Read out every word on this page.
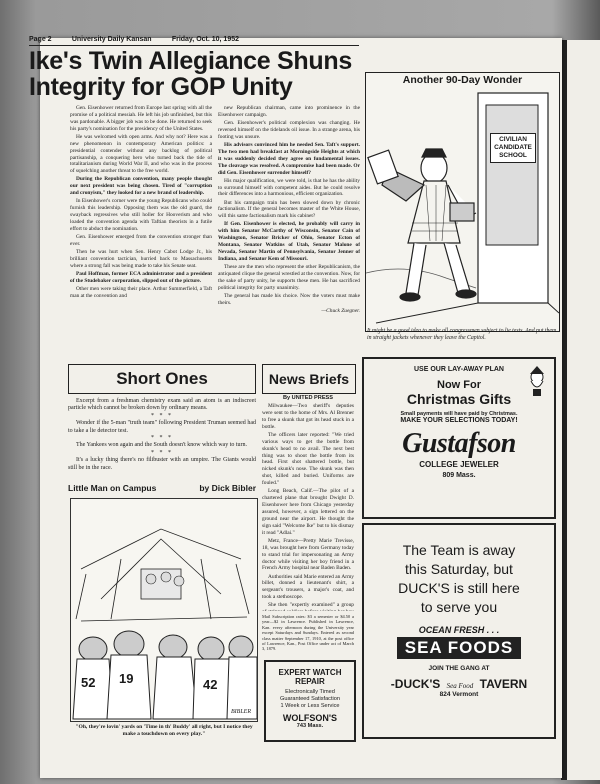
Page 2	University Daily Kansan	Friday, Oct. 10, 1952
Ike's Twin Allegiance Shuns Integrity for GOP Unity

Gen. Eisenhower returned from Europe last spring with all the promise of a political messiah. He left his job unfinished, but this was pardonable. A bigger job was to be done. He returned to seek his party's nomination for the presidency of the United States.

He was welcomed with open arms. And why not? Here was a new phenomenon in contemporary American politics: a presidential contender without any backlog of political partisanship, a conquering hero who turned back the tide of totalitarianism during World War II, and who was in the process of squelching another threat to the free world.

During the Republican convention, many people thought our next president was being chosen. Tired of "corruption and cronyism," they looked for a new brand of leadership.

In Eisenhower's corner were the young Republicans who could furnish this leadership. Opposing them was the old guard, the swayback regressives who still holler for Hooverism and who loaded the convention agenda with Taftian theorists in a futile effort to abduct the nomination.

Gen. Eisenhower emerged from the convention stronger than ever.

Then he was hurt when Sen. Henry Cabot Lodge Jr., his brilliant convention tactician, hurried back to Massachusetts where a strong fall was being made to take his Senate seat.

Paul Hoffman, former ECA administrator and a president of the Studebaker corporation, slipped out of the picture.

Other men were taking their place. Arthur Summerfield, a Taft man at the convention and

new Republican chairman, came into prominence in the Eisenhower campaign.

Gen. Eisenhower's political complexion was changing. He reversed himself on the tidelands oil issue. In a strange arena, his footing was unsure.

His advisors convinced him he needed Sen. Taft's support. The two men had breakfast at Morningside Heights at which it was suddenly decided they agree on fundamental issues. The cleavage was resolved. A compromise had been made. Or did Gen. Eisenhower surrender himself?

His major qualification, we were told, is that he has the ability to surround himself with competent aides. But he could resolve their differences into a harmonious, efficient organization.

But his campaign train has been slowed down by chronic factionalism. If the general becomes master of the White House, will this same factionalism mark his cabinet?

If Gen. Eisenhower is elected, he probably will carry in with him Senator McCarthy of Wisconsin, Senator Cain of Washington, Senator Bricker of Ohio, Senator Ecton of Montana, Senator Watkins of Utah, Senator Malone of Nevada, Senator Martin of Pennsylvania, Senator Jenner of Indiana, and Senator Kem of Missouri.

These are the men who represent the other Republicanism, the antiquated clique the general wrestled at the convention. Now, for the sake of party unity, he supports these men. He has sacrificed political integrity for party unanimity.

The general has made his choice. Now the voters must make theirs.

—Chuck Zuegner.
CIVILIAN
CANDIDATE
SCHOOL
Another 90-Day Wonder
It might be a good idea to make all congressmen subject to lie tests. And put them in straight jackets whenever they leave the Capitol.
Short Ones
Excerpt from a freshman chemistry exam said an atom is an indiscreet particle which cannot be broken down by ordinary means.
* * *
Wonder if the 5-man "truth team" following President Truman seemed had to take a lie detector test.
* * *
The Yankees won again and the South doesn't know which way to turn.
* * *
It's a lucky thing there's no filibuster with an umpire. The Giants would still be in the race.
Little Man on Campus	by Dick Bibler
52 19	42
BIBLER
"Oh, they're lovin' yards on 'Time in th' Buddy' all right, but I notice they make a touchdown on every play."
News Briefs
By UNITED PRESS

Milwaukee—Two sheriff's deputies were sent to the home of Mrs. Al Brenner to free a skunk that got its head stuck in a bottle.

The officers later reported: "We tried various ways to get the bottle from skunk's head to no avail. The next best thing was to shoot the bottle from its head. First shot shattered bottle, but nicked skunk's nose. The skunk was then shot, killed and buried. Uniforms are fouled."

Long Beach, Calif.—The pilot of a chartered plane that brought Dwight D. Eisenhower here from Chicago yesterday assured, however, a sign lettered on the ground near the airport. He thought the sign said "Welcome Ike" but to his dismay it read "Adlai."

Metz, France—Pretty Marie Trevisse, 18, was brought here from Germany today to stand trial for impersonating an Army doctor while visiting her boy friend in a French Army hospital near Baden Baden.

Authorities said Marie entered an Army billet, donned a lieutenant's shirt, a sergeant's trousers, a major's coat, and took a stethoscope.

She then "expertly examined" a group

Mail Subscription rates: $3 a semester or $4.50 a year—$2 in Lawrence. Published in Lawrence, Kan. every afternoon during the University year except Saturdays and Sundays. Entered as second class matter September 17, 1910, at the post office of Lawrence, Kan., Post Office under act of March 3, 1879.
EXPERT WATCH
REPAIR
Electronically Timed
Guaranteed Satisfaction
1 Week or Less Service
WOLFSON'S
743 Mass.
USE OUR LAY-AWAY PLAN
Now For
Christmas Gifts
Small payments will have paid by Christmas.
MAKE YOUR SELECTIONS TODAY!
Gustafson
COLLEGE JEWELER
809 Mass.
The Team is away
this Saturday, but
DUCK'S is still here
to serve you
OCEAN FRESH . . .
SEA FOODS
JOIN THE GANG AT
-DUCK'S Sea Food TAVERN
824 Vermont
